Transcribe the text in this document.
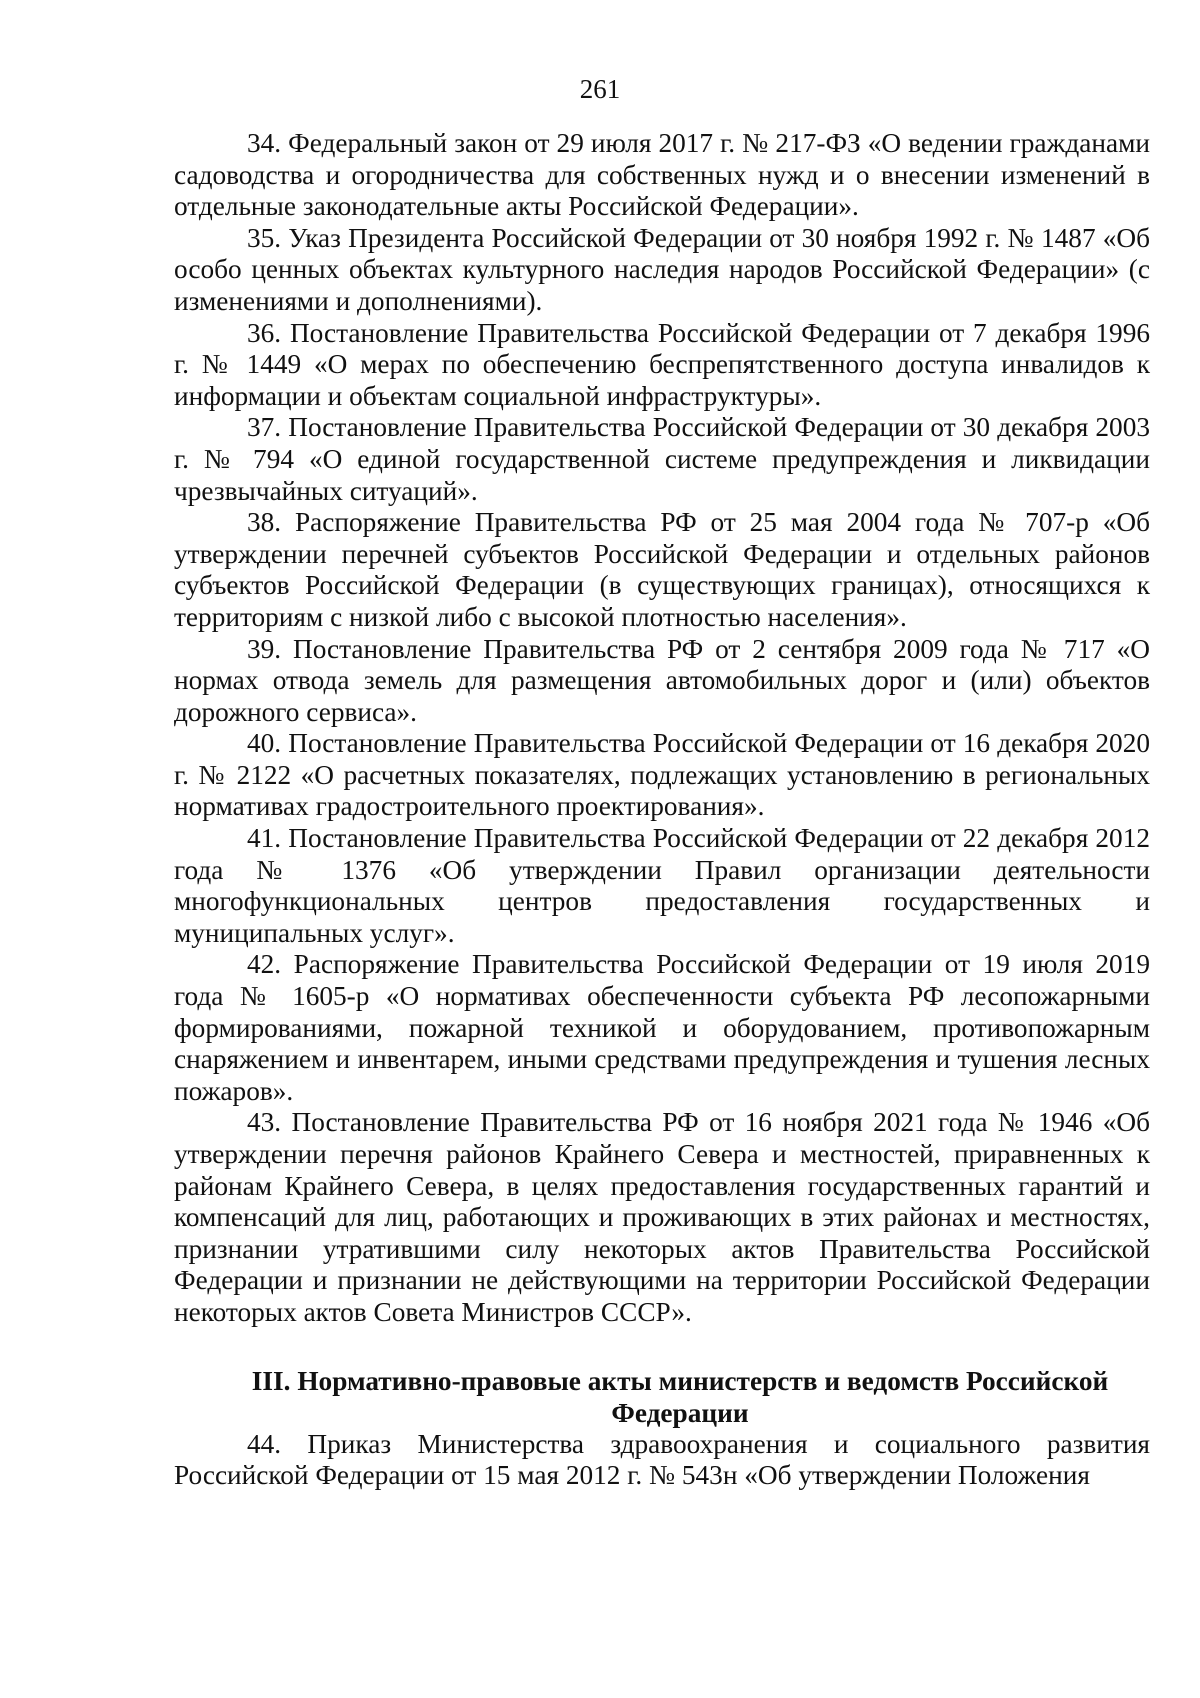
261

34. Федеральный закон от 29 июля 2017 г. № 217-ФЗ «О ведении гражданами садоводства и огородничества для собственных нужд и о внесении изменений в отдельные законодательные акты Российской Федерации».

35. Указ Президента Российской Федерации от 30 ноября 1992 г. № 1487 «Об особо ценных объектах культурного наследия народов Российской Федерации» (с изменениями и дополнениями).

36. Постановление Правительства Российской Федерации от 7 декабря 1996 г. № 1449 «О мерах по обеспечению беспрепятственного доступа инвалидов к информации и объектам социальной инфраструктуры».

37. Постановление Правительства Российской Федерации от 30 декабря 2003 г. № 794 «О единой государственной системе предупреждения и ликвидации чрезвычайных ситуаций».

38. Распоряжение Правительства РФ от 25 мая 2004 года № 707-р «Об утверждении перечней субъектов Российской Федерации и отдельных районов субъектов Российской Федерации (в существующих границах), относящихся к территориям с низкой либо с высокой плотностью населения».

39. Постановление Правительства РФ от 2 сентября 2009 года № 717 «О нормах отвода земель для размещения автомобильных дорог и (или) объектов дорожного сервиса».

40. Постановление Правительства Российской Федерации от 16 декабря 2020 г. № 2122 «О расчетных показателях, подлежащих установлению в региональных нормативах градостроительного проектирования».

41. Постановление Правительства Российской Федерации от 22 декабря 2012 года № 1376 «Об утверждении Правил организации деятельности многофункциональных центров предоставления государственных и муниципальных услуг».

42. Распоряжение Правительства Российской Федерации от 19 июля 2019 года № 1605-р «О нормативах обеспеченности субъекта РФ лесопожарными формированиями, пожарной техникой и оборудованием, противопожарным снаряжением и инвентарем, иными средствами предупреждения и тушения лесных пожаров».

43. Постановление Правительства РФ от 16 ноября 2021 года № 1946 «Об утверждении перечня районов Крайнего Севера и местностей, приравненных к районам Крайнего Севера, в целях предоставления государственных гарантий и компенсаций для лиц, работающих и проживающих в этих районах и местностях, признании утратившими силу некоторых актов Правительства Российской Федерации и признании не действующими на территории Российской Федерации некоторых актов Совета Министров СССР».

III. Нормативно-правовые акты министерств и ведомств Российской Федерации

44. Приказ Министерства здравоохранения и социального развития Российской Федерации от 15 мая 2012 г. № 543н «Об утверждении Положения
